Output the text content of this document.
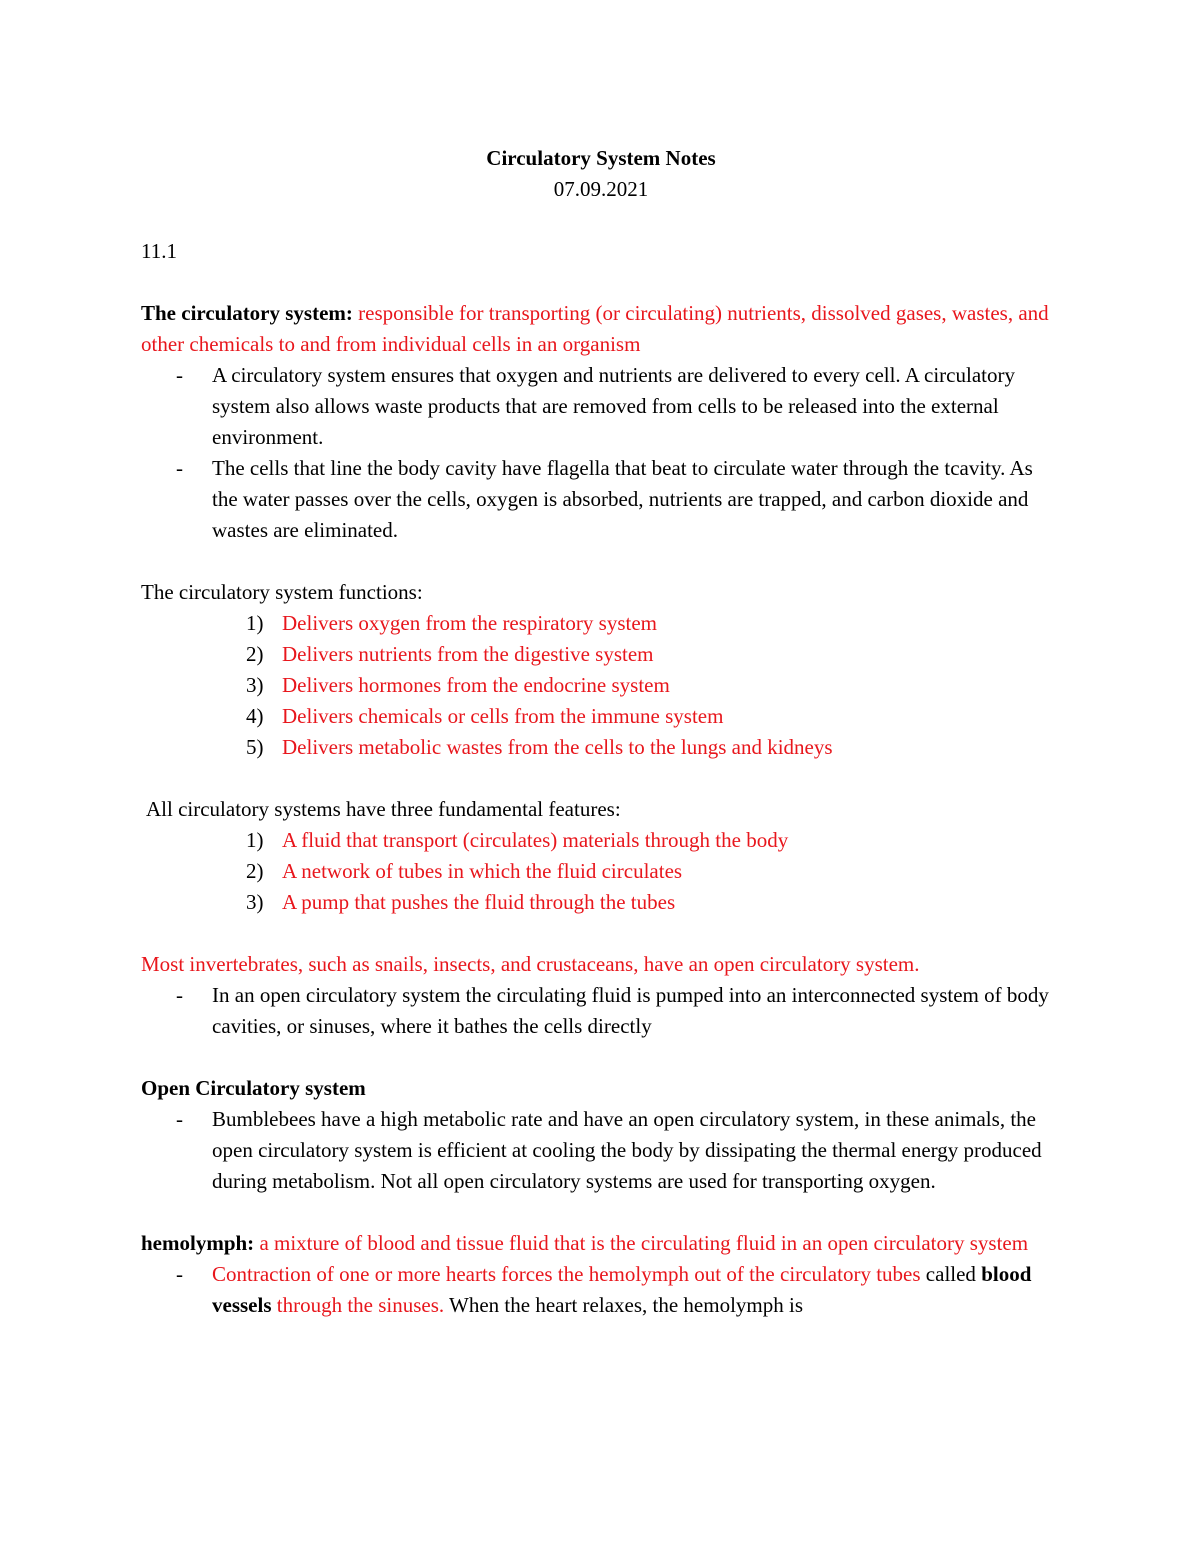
Circulatory System Notes

07.09.2021

11.1

The circulatory system: responsible for transporting (or circulating) nutrients, dissolved gases, wastes, and other chemicals to and from individual cells in an organism

- A circulatory system ensures that oxygen and nutrients are delivered to every cell. A circulatory system also allows waste products that are removed from cells to be released into the external environment.
- The cells that line the body cavity have flagella that beat to circulate water through the tcavity. As the water passes over the cells, oxygen is absorbed, nutrients are trapped, and carbon dioxide and wastes are eliminated.

The circulatory system functions:

1) Delivers oxygen from the respiratory system
2) Delivers nutrients from the digestive system
3) Delivers hormones from the endocrine system
4) Delivers chemicals or cells from the immune system
5) Delivers metabolic wastes from the cells to the lungs and kidneys

All circulatory systems have three fundamental features:

1) A fluid that transport (circulates) materials through the body
2) A network of tubes in which the fluid circulates
3) A pump that pushes the fluid through the tubes

Most invertebrates, such as snails, insects, and crustaceans, have an open circulatory system.

- In an open circulatory system the circulating fluid is pumped into an interconnected system of body cavities, or sinuses, where it bathes the cells directly

Open Circulatory system

- Bumblebees have a high metabolic rate and have an open circulatory system, in these animals, the open circulatory system is efficient at cooling the body by dissipating the thermal energy produced during metabolism. Not all open circulatory systems are used for transporting oxygen.

hemolymph: a mixture of blood and tissue fluid that is the circulating fluid in an open circulatory system

- Contraction of one or more hearts forces the hemolymph out of the circulatory tubes called blood vessels through the sinuses. When the heart relaxes, the hemolymph is
